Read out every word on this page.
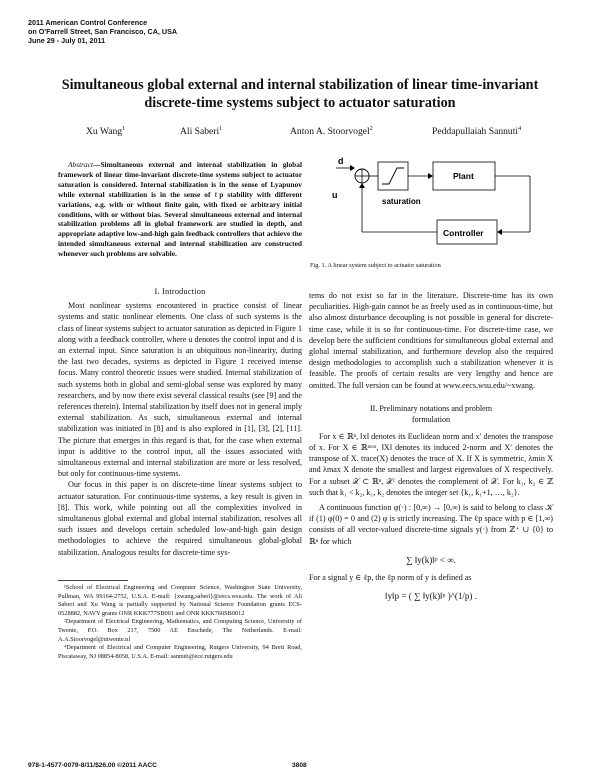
2011 American Control Conference
on O'Farrell Street, San Francisco, CA, USA
June 29 - July 01, 2011
Simultaneous global external and internal stabilization of linear time-invariant
discrete-time systems subject to actuator saturation
Xu Wang$^1$	Ali Saberi$^1$	Anton A. Stoorvogel$^2$	Peddapullaiah Sannuti$^4$

Abstract—Simultaneous external and internal stabilization in global framework of linear time-invariant discrete-time systems subject to actuator saturation is considered. Internal stabilization is in the sense of Lyapunov while external stabilization is in the sense of ℓp stability with different variations, e.g. with or without finite gain, with fixed or arbitrary initial conditions, with or without bias. Several simultaneous external and internal stabilization problems all in global framework are studied in depth, and appropriate adaptive low-and-high gain feedback controllers that achieve the intended simultaneous external and internal stabilization are constructed whenever such problems are solvable.

d
u
saturation
Plant
Controller
Fig. 1. A linear system subject to actuator saturation
I. Introduction

Most nonlinear systems encountered in practice consist of linear systems and static nonlinear elements. One class of such systems is the class of linear systems subject to actuator saturation as depicted in Figure 1 along with a feedback controller, where u denotes the control input and d is an external input. Since saturation is an ubiquitous non-linearity, during the last two decades, systems as depicted in Figure 1 received intense focus. Many control theoretic issues were studied. Internal stabilization of such systems both in global and semi-global sense was explored by many researchers, and by now there exist several classical results (see [9] and the references therein). Internal stabilization by itself does not in general imply external stabilization. As such, simultaneous external and internal stabilization was initiated in [8] and is also explored in [1], [3], [2], [11]. The picture that emerges in this regard is that, for the case when external input is additive to the control input, all the issues associated with simultaneous external and internal stabilization are more or less resolved, but only for continuous-time systems.

Our focus in this paper is on discrete-time linear systems subject to actuator saturation. For continuous-time systems, a key result is given in [8]. This work, while pointing out all the complexities involved in simultaneous global external and global internal stabilization, resolves all such issues and develops certain scheduled low-and-high gain design methodologies to achieve the required simultaneous global-global stabilization. Analogous results for discrete-time sys-

¹School of Electrical Engineering and Computer Science, Washington State University, Pullman, WA 99164-2752, U.S.A. E-mail: {xwang,saberi}@eecs.wsu.edu. The work of Ali Saberi and Xu Wang is partially supported by National Science Foundation grants ECS-0528882, NAVY grants ONR KKK777SB001 and ONR KKK760SB0012

²Department of Electrical Engineering, Mathematics, and Computing Science, University of Twente, P.O. Box 217, 7500 AE Enschede, The Netherlands. E-mail: A.A.Stoorvogel@utwente.nl

⁴Department of Electrical and Computer Engineering, Rutgers University, 94 Brett Road, Piscataway, NJ 08854-8058, U.S.A. E-mail: sannuti@ece.rutgers.edu

tems do not exist so far in the literature. Discrete-time has its own peculiarities. High-gain cannot be as freely used as in continuous-time, but also almost disturbance decoupling is not possible in general for discrete-time case, while it is so for continuous-time. For discrete-time case, we develop here the sufficient conditions for simultaneous global external and global internal stabilization, and furthermore develop also the required design methodologies to accomplish such a stabilization whenever it is feasible. The proofs of certain results are very lengthy and hence are omitted. The full version can be found at www.eecs.wsu.edu/~xwang.

II. Preliminary notations and problem
formulation

For x ∈ ℝⁿ, ‖x‖ denotes its Euclidean norm and x′ denotes the transpose of x. For X ∈ ℝⁿˣᵐ, ‖X‖ denotes its induced 2-norm and X′ denotes the transpose of X. trace(X) denotes the trace of X. If X is symmetric, λmin X and λmax X denote the smallest and largest eigenvalues of X respectively. For a subset 𝒳 ⊂ ℝⁿ, 𝒳ᶜ denotes the complement of 𝒳. For k₁, k₂ ∈ ℤ such that k₁ < k₂, k₁, k₂ denotes the integer set {k₁, k₁+1, …, k₂}.

A continuous function φ(·) : [0,∞) → [0,∞) is said to belong to class 𝒦 if (1) φ(0) = 0 and (2) φ is strictly increasing. The ℓp space with p ∈ [1,∞) consists of all vector-valued discrete-time signals y(·) from ℤ⁺ ∪ {0} to ℝⁿ for which

∑ ‖y(k)‖ᵖ < ∞.

For a signal y ∈ ℓp, the ℓp norm of y is defined as

‖y‖p = ( ∑ ‖y(k)‖ᵖ )^(1/p) .
978-1-4577-0079-8/11/$26.00 ©2011 AACC	3808
